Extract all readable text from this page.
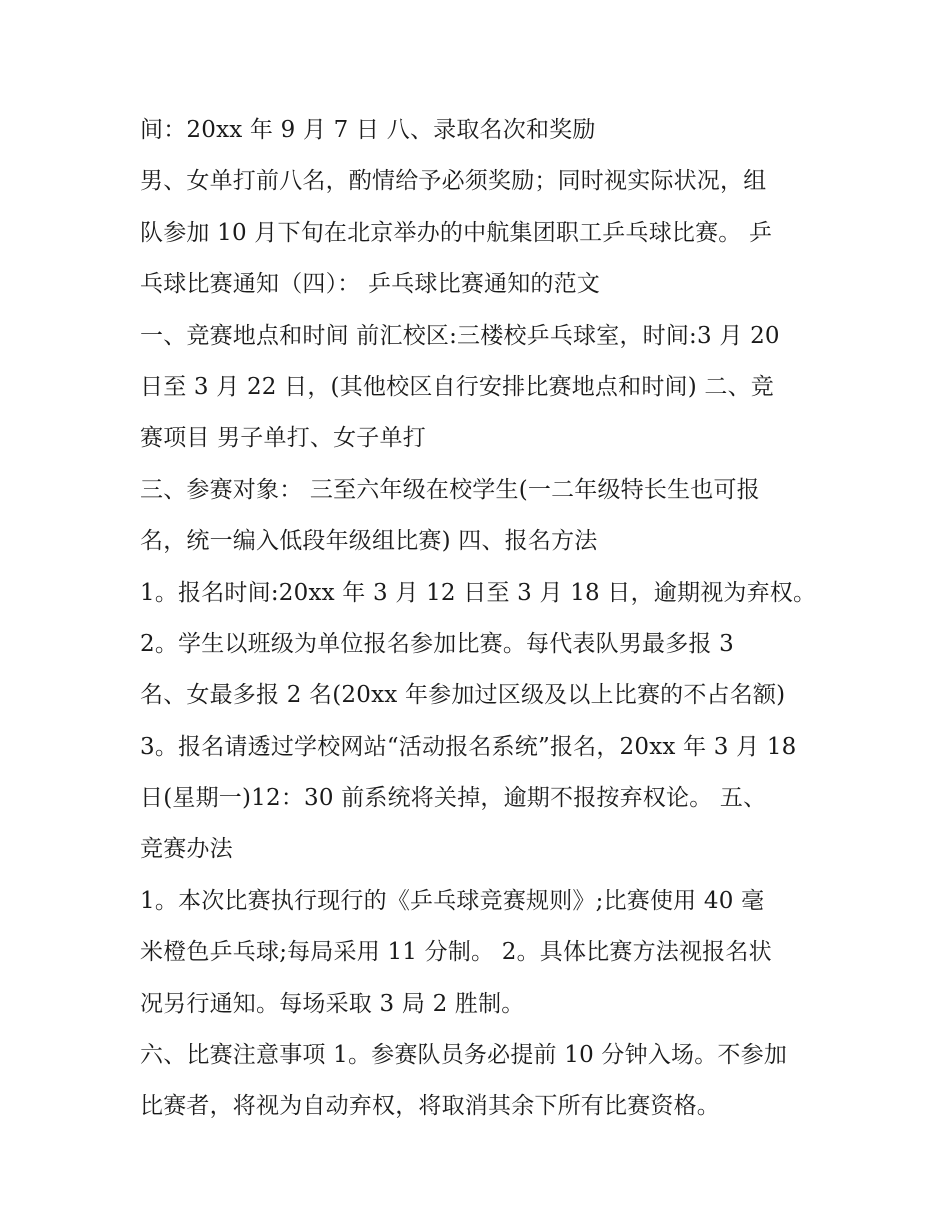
间：20xx 年 9 月 7 日 八、录取名次和奖励
男、女单打前八名，酌情给予必须奖励；同时视实际状况，组
队参加 10 月下旬在北京举办的中航集团职工乒乓球比赛。 乒
乓球比赛通知（四）： 乒乓球比赛通知的范文
一、竞赛地点和时间 前汇校区:三楼校乒乓球室，时间:3 月 20
日至 3 月 22 日，(其他校区自行安排比赛地点和时间) 二、竞
赛项目 男子单打、女子单打
三、参赛对象： 三至六年级在校学生(一二年级特长生也可报
名，统一编入低段年级组比赛) 四、报名方法
1。报名时间:20xx 年 3 月 12 日至 3 月 18 日，逾期视为弃权。
2。学生以班级为单位报名参加比赛。每代表队男最多报 3
名、女最多报 2 名(20xx 年参加过区级及以上比赛的不占名额)
3。报名请透过学校网站“活动报名系统”报名，20xx 年 3 月 18
日(星期一)12：30 前系统将关掉，逾期不报按弃权论。 五、
竞赛办法
1。本次比赛执行现行的《乒乓球竞赛规则》;比赛使用 40 毫
米橙色乒乓球;每局采用 11 分制。 2。具体比赛方法视报名状
况另行通知。每场采取 3 局 2 胜制。
六、比赛注意事项 1。参赛队员务必提前 10 分钟入场。不参加
比赛者，将视为自动弃权，将取消其余下所有比赛资格。
